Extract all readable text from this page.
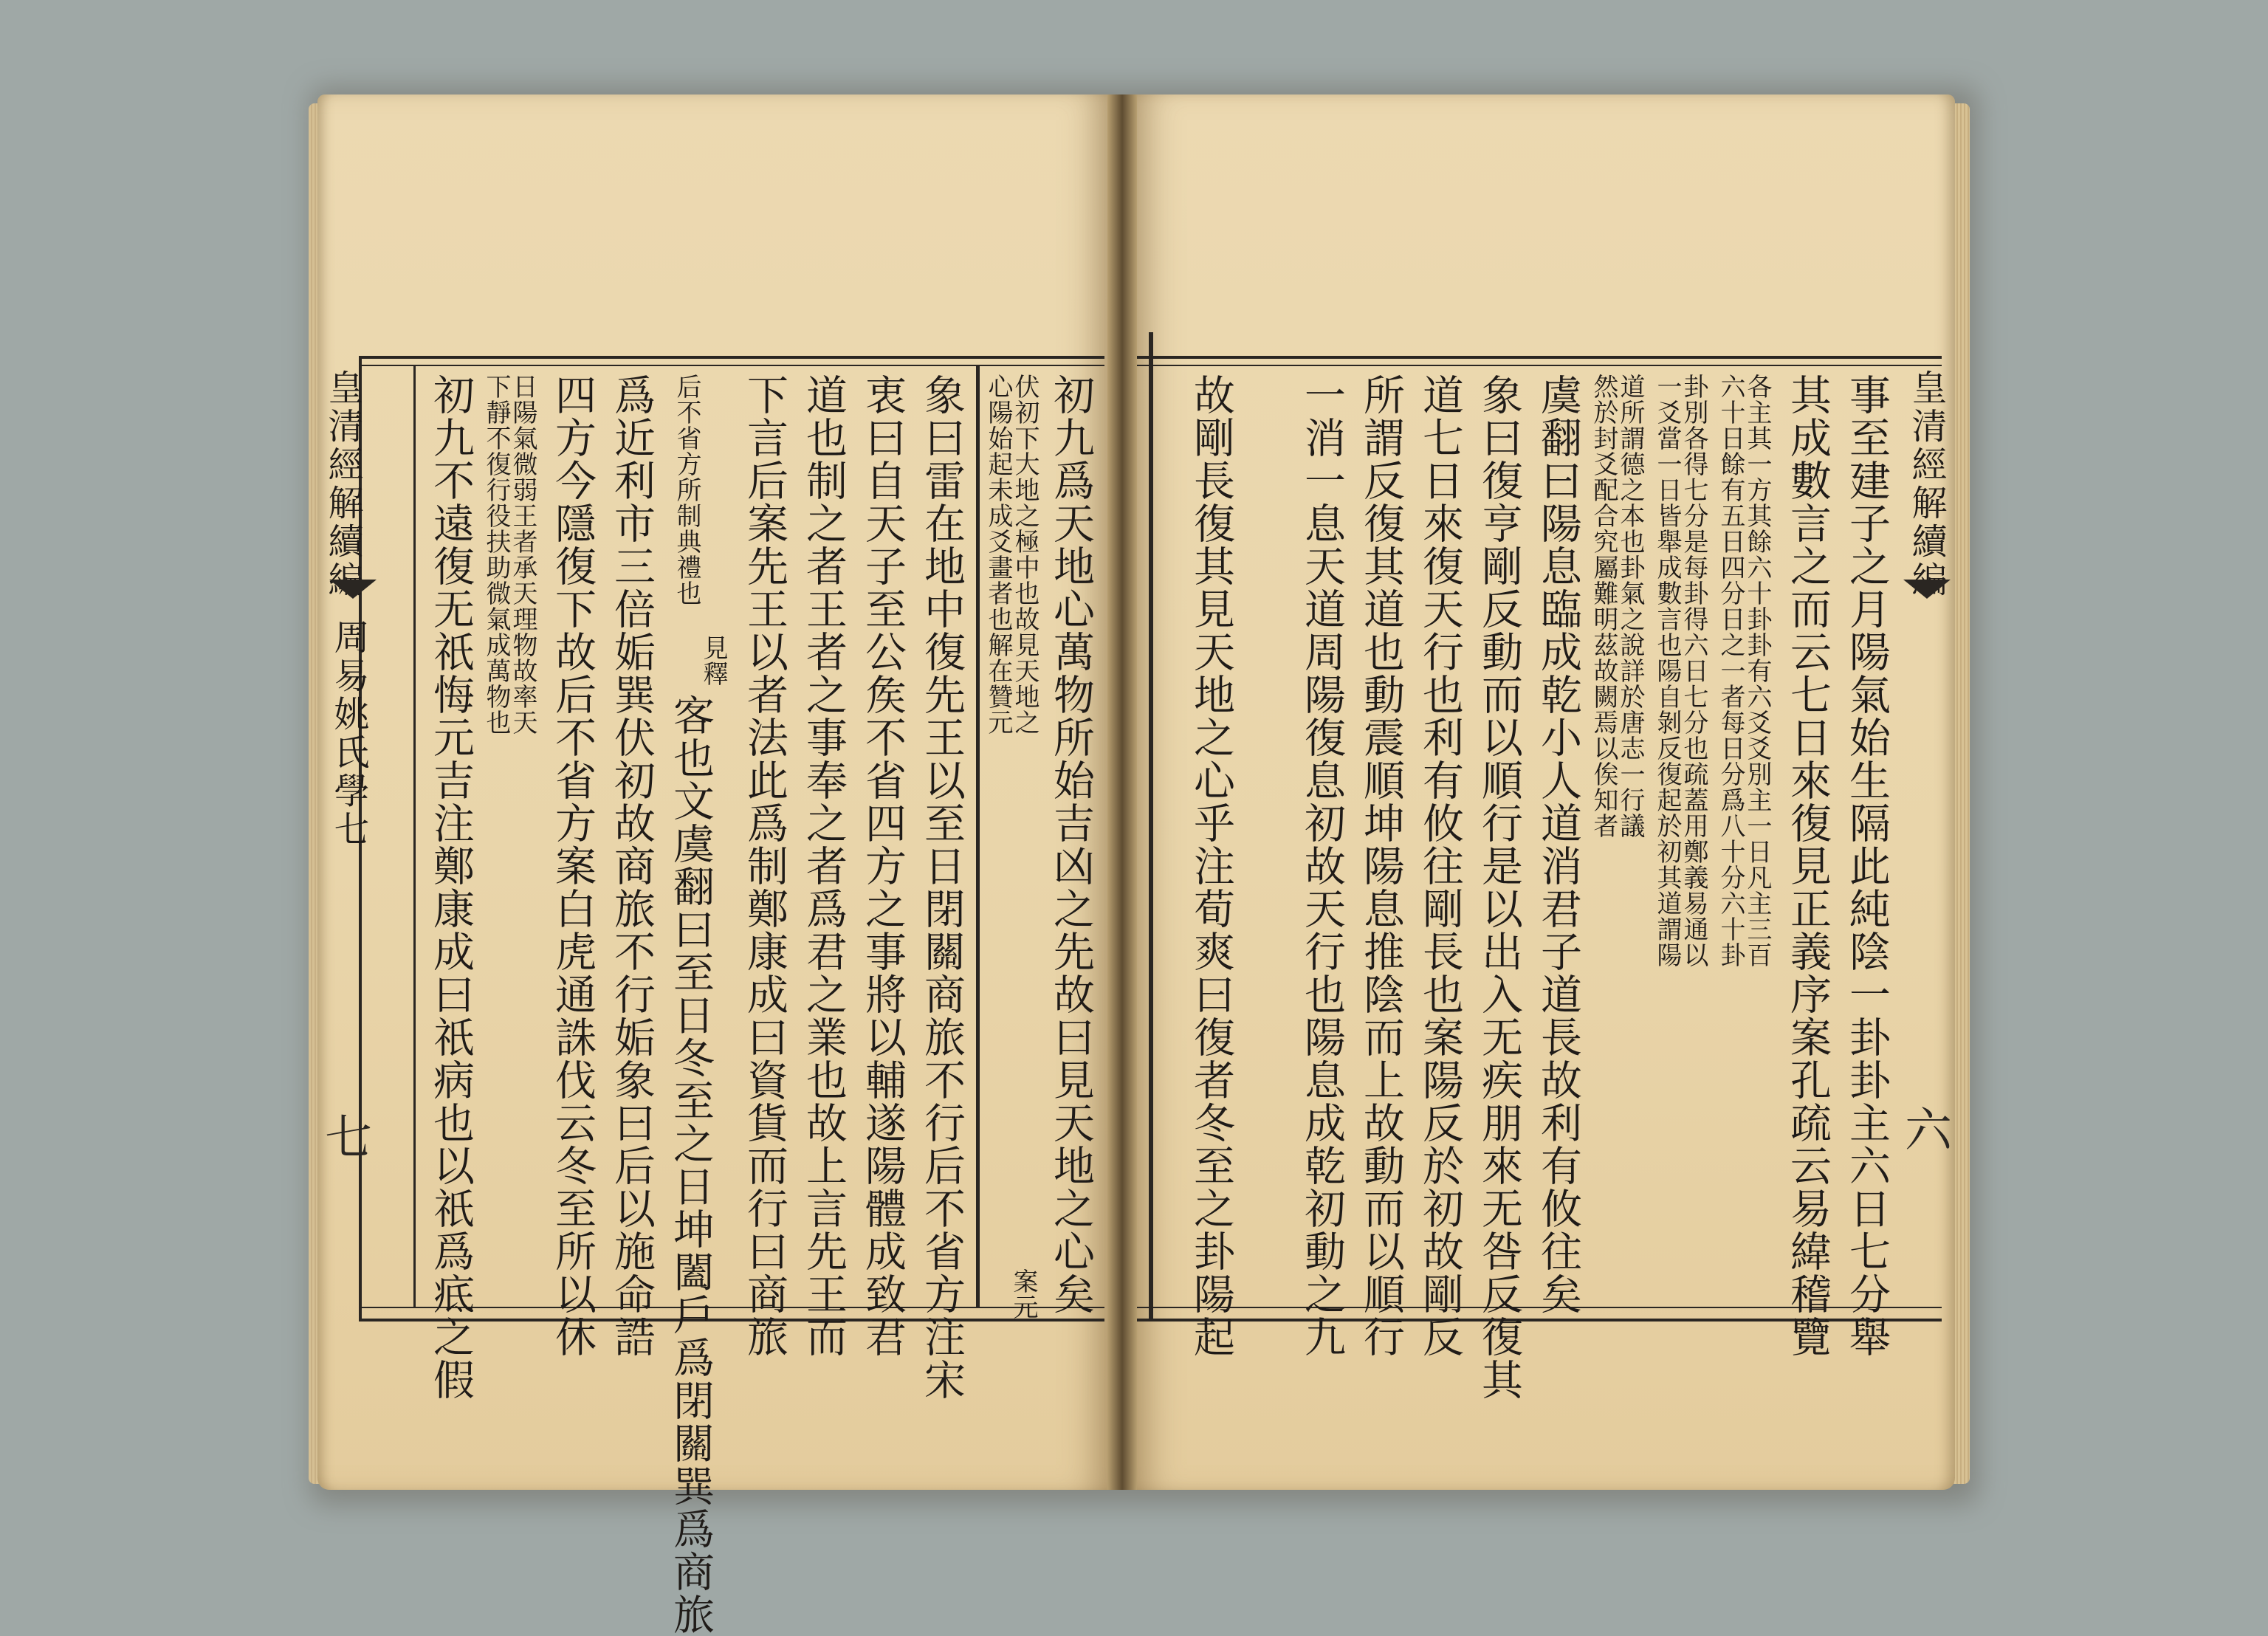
皇清經解續編
周易姚氏學七
七	初九爲天地心萬物所始吉凶之先故曰見天地之心矣
伏初下大地之極中也故見天地之
心陽始起未成爻畫者也解在贊元
案元
象曰雷在地中復先王以至日閉關商旅不行后不省方注宋
衷曰自天子至公矦不省四方之事將以輔遂陽體成致君
道也制之者王者之事奉之者爲君之業也故上言先王而
下言后案先王以者法此爲制鄭康成曰資貨而行曰商旅
見釋
后不省方所制典禮也
客也文虞翻曰至日冬至之日坤闔戶爲閉關巽爲商旅
爲近利市三倍姤巽伏初故商旅不行姤象曰后以施命誥
四方今隱復下故后不省方案白虎通誅伐云冬至所以休
日陽氣微弱王者承天理物故率天
下靜不復行役扶助微氣成萬物也
初九不遠復无祇悔元吉注鄭康成曰祇病也以祇爲疷之假	皇清經解續編
六
事至建子之月陽氣始生隔此純陰一卦卦主六日七分舉
其成數言之而云七日來復見正義序案孔疏云易緯稽覽
各主其一方其餘六十卦卦有六爻爻別主一日凡主三百
六十日餘有五日四分日之一者每日分爲八十分六十卦
卦別各得七分是每卦得六日七分也疏蓋用鄭義易通以
一爻當一日皆舉成數言也陽自剝反復起於初其道謂陽
道所謂德之本也卦氣之說詳於唐志一行議
然於封爻配合究屬難明茲故闕焉以俟知者
虞翻曰陽息臨成乾小人道消君子道長故利有攸往矣
象曰復亨剛反動而以順行是以出入无疾朋來无咎反復其
道七日來復天行也利有攸往剛長也案陽反於初故剛反
所謂反復其道也動震順坤陽息推陰而上故動而以順行
一消一息天道周陽復息初故天行也陽息成乾初動之九
故剛長復其見天地之心乎注荀爽曰復者冬至之卦陽起
